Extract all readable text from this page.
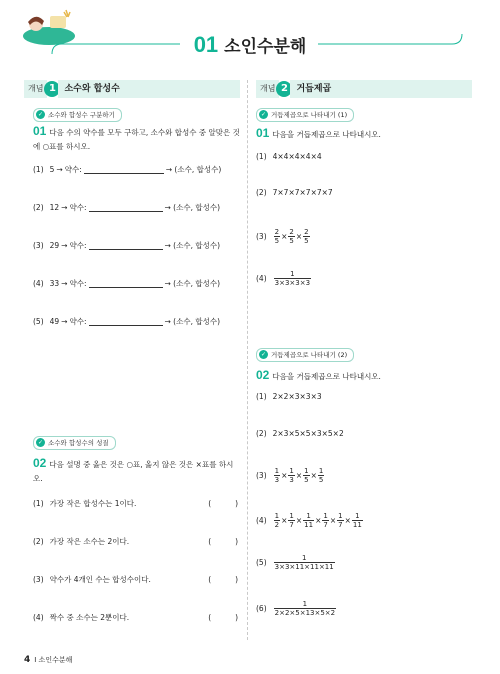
01 소인수분해
개념 1 소수와 합성수
✓ 소수와 합성수 구분하기
01 다음 수의 약수를 모두 구하고, 소수와 합성수 중 알맞은 것에 ○표를 하시오.
(1) 5 → 약수:	→ (소수, 합성수)
(2) 12 → 약수:	→ (소수, 합성수)
(3) 29 → 약수:	→ (소수, 합성수)
(4) 33 → 약수:	→ (소수, 합성수)
(5) 49 → 약수:	→ (소수, 합성수)
✓ 소수와 합성수의 성질
02 다음 설명 중 옳은 것은 ○표, 옳지 않은 것은 ×표를 하시오.
(1) 가장 작은 합성수는 1이다.	(          )
(2) 가장 작은 소수는 2이다.	(          )
(3) 약수가 4개인 수는 합성수이다.	(          )
(4) 짝수 중 소수는 2뿐이다.	(          )
개념 2 거듭제곱
✓ 거듭제곱으로 나타내기 (1)
01 다음을 거듭제곱으로 나타내시오.
(1) 4×4×4×4×4
(2) 7×7×7×7×7×7
$(3) \frac{2}{5} \times \frac{2}{5} \times \frac{2}{5}$
$(4) \frac{1}{3\times 3\times 3\times 3}$
✓ 거듭제곱으로 나타내기 (2)
02 다음을 거듭제곱으로 나타내시오.
(1) 2×2×3×3×3
(2) 2×3×5×5×3×5×2
$(3) \frac{1}{3} \times \frac{1}{3} \times \frac{1}{5} \times \frac{1}{5}$
$(4) \frac{1}{2} \times \frac{1}{7} \times \frac{1}{11} \times \frac{1}{7} \times \frac{1}{7} \times \frac{1}{11}$
$(5) \frac{1}{3\times 3\times 11\times 11\times 11}$
$(6) \frac{1}{2\times 2\times 5\times 13\times 5\times 2}$
4 I 소인수분해
